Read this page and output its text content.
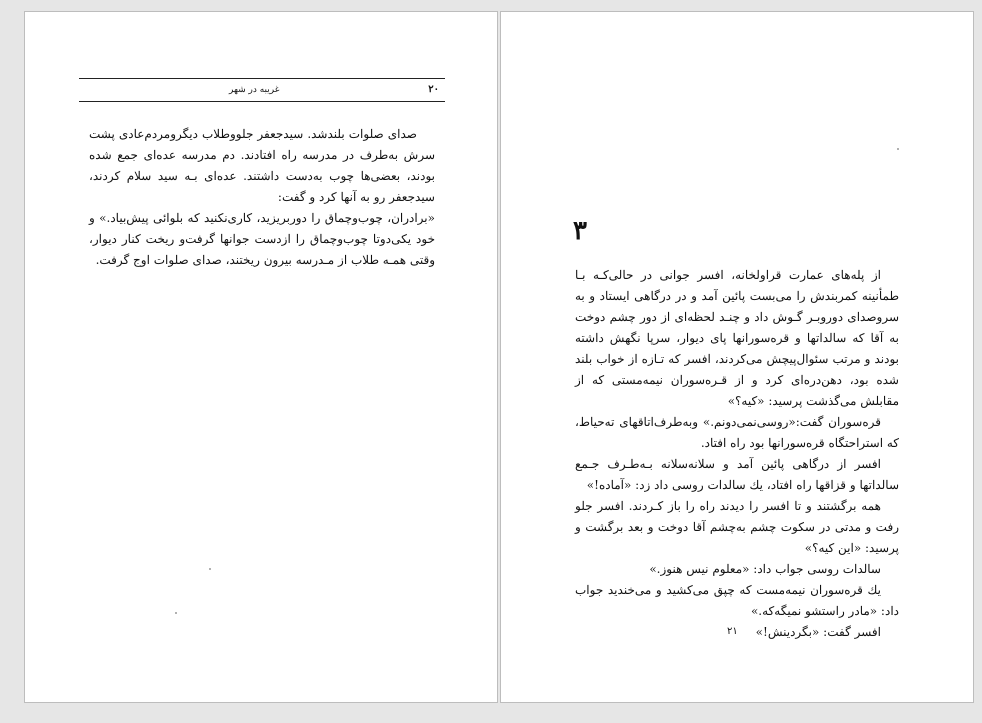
۲۰
غریبه در شهر

صدای صلوات بلندشد. سیدجعفر جلووطلاب دیگرومردم‌عادی پشت سرش به‌طرف در مدرسه راه افتادند. دم مدرسه عده‌ای جمع شده بودند، بعضی‌ها چوب به‌دست داشتند. عده‌ای بـه سید سلام کردند، سیدجعفر رو به آنها کرد و گفت:

«برادران، چوب‌وچماق را دوربریزید، کاری‌نکنید که بلوائی پیش‌بیاد.» و خود یکی‌دوتا چوب‌وچماق را ازدست جوانها گرفت‌و ریخت کنار دیوار، وقتی همـه طلاب از مـدرسه بیرون ریختند، صدای صلوات اوج گرفت.

۳

از پله‌های عمارت قراولخانه، افسر جوانی در حالی‌کـه بـا طمأنینه کمربندش را می‌بست پائین آمد و در درگاهی ایستاد و به سروصدای دوروبـر گـوش داد و چنـد لحظه‌ای از دور چشم دوخت به آقا که سالداتها و قره‌سورانها پای دیوار، سرپا نگهش داشته بودند و مرتب سئوال‌پیچش می‌کردند، افسر که تـازه از خواب بلند شده بود، دهن‌دره‌ای کرد و از قـره‌سوران نیمه‌مستی که از مقابلش می‌گذشت پرسید: «کیه؟»

قره‌سوران گفت:«روسی‌نمی‌دونم.» وبه‌طرف‌اتاقهای ته‌حیاط، که استراحتگاه قره‌سورانها بود راه افتاد.

افسر از درگاهی پائین آمد و سلانه‌سلانه بـه‌طـرف جـمع سالداتها و قزاقها راه افتاد، یك سالدات روسی داد زد: «آماده!»

همه برگشتند و تا افسر را دیدند راه را باز کـردند. افسر جلو رفت و مدتی در سکوت چشم به‌چشم آقا دوخت و بعد برگشت و پرسید: «این کیه؟»

سالدات روسی جواب داد: «معلوم نیس هنوز.»

یك قره‌سوران نیمه‌مست که چپق می‌کشید و می‌خندید جواب داد: «مادر راستشو نمیگه‌که.»

افسر گفت: «بگردینش!»

۲۱
